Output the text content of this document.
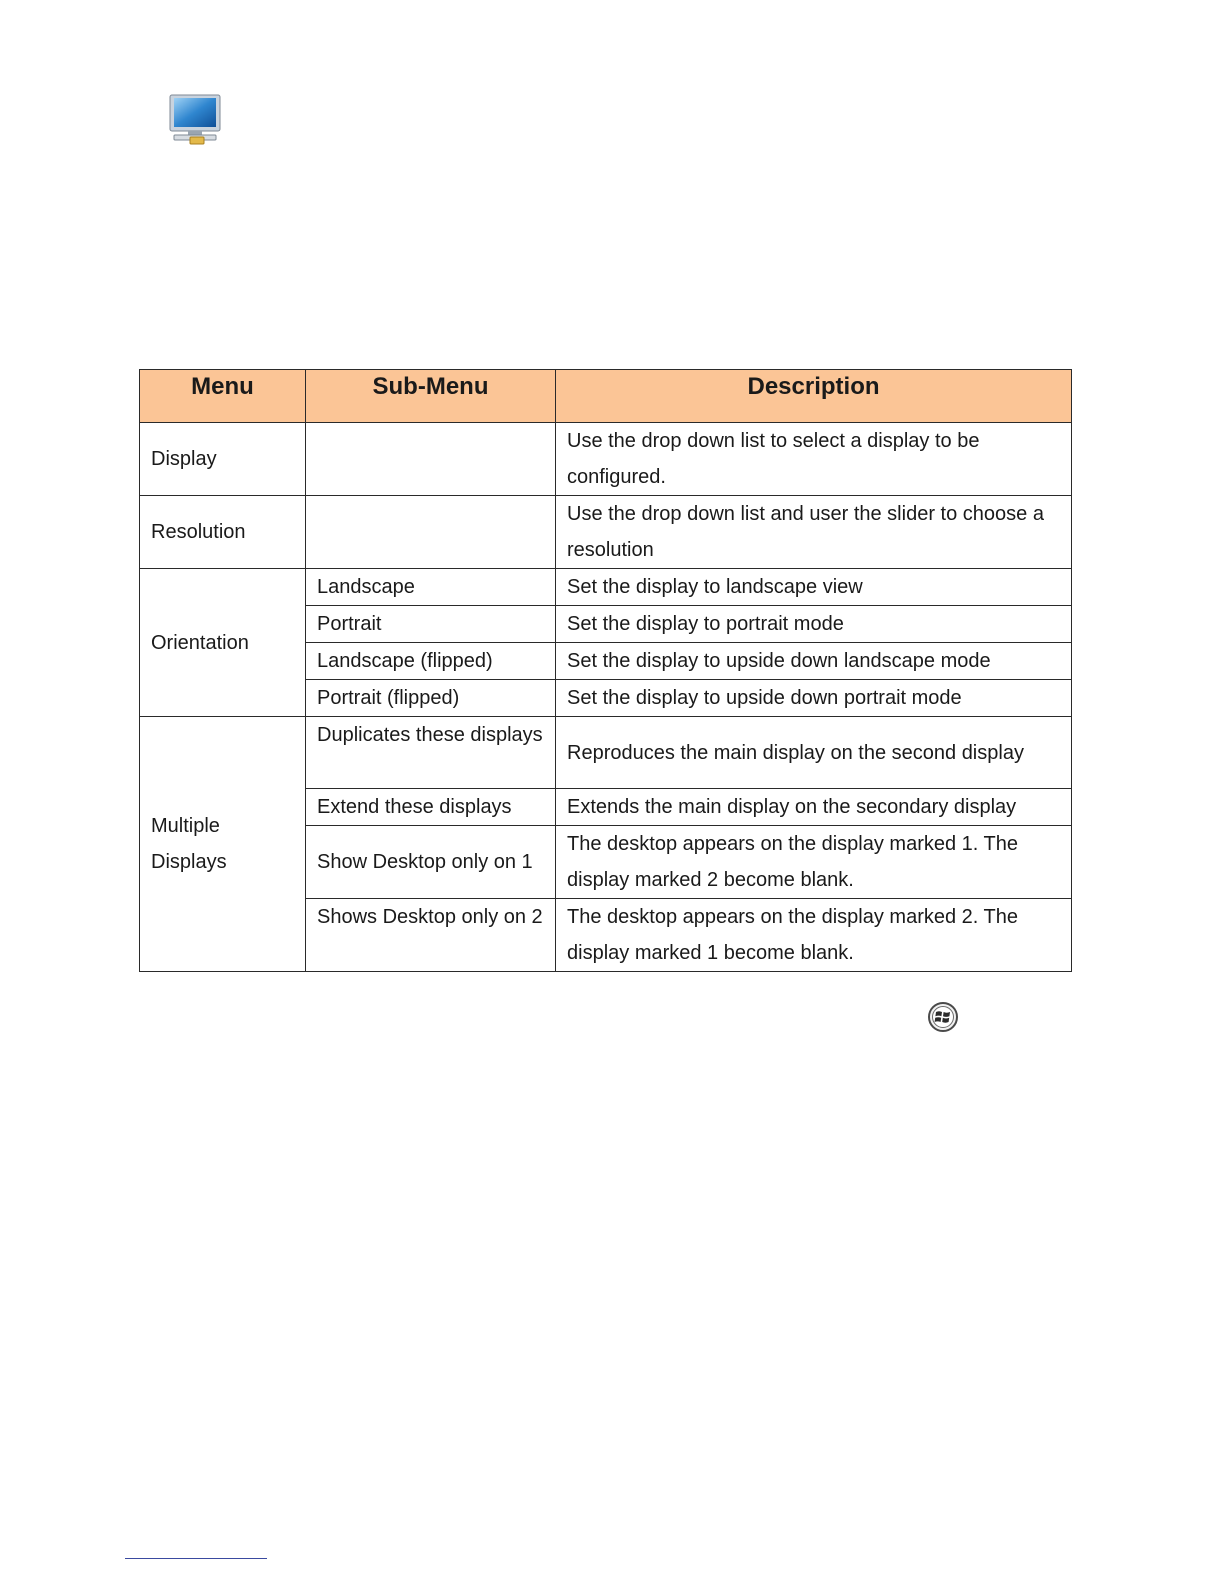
Menu	Sub-Menu	Description
Display		Use the drop down list to select a display to be configured.
Resolution		Use the drop down list and user the slider to choose a resolution
Orientation	Landscape	Set the display to landscape view
	Portrait	Set the display to portrait mode
	Landscape (flipped)	Set the display to upside down landscape mode
	Portrait (flipped)	Set the display to upside down portrait mode
Multiple Displays	Duplicates these displays	Reproduces the main display on the second display
	Extend these displays	Extends the main display on the secondary display
	Show Desktop only on 1	The desktop appears on the display marked 1. The display marked 2 become blank.
	Shows Desktop only on 2	The desktop appears on the display marked 2. The display marked 1 become blank.
